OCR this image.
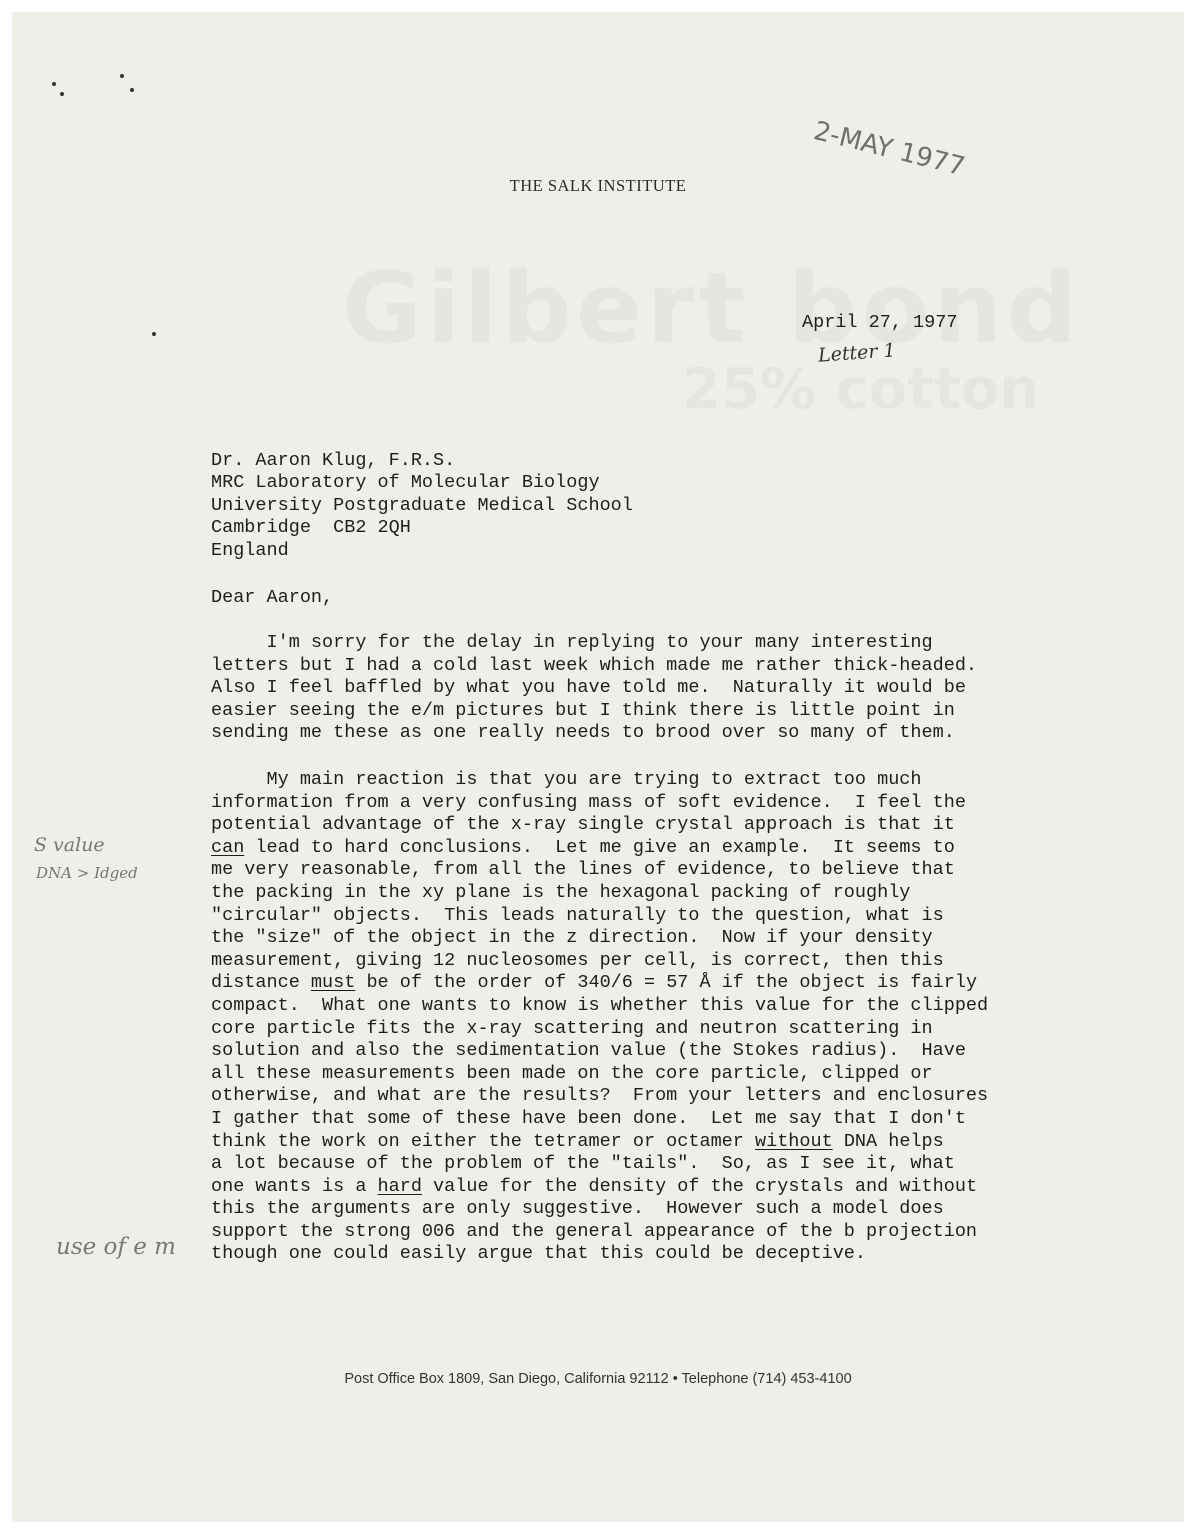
THE SALK INSTITUTE
2-MAY 1977
April 27, 1977
Letter 1
Dr. Aaron Klug, F.R.S.
MRC Laboratory of Molecular Biology
University Postgraduate Medical School
Cambridge  CB2 2QH
England
Dear Aaron,
I'm sorry for the delay in replying to your many interesting
letters but I had a cold last week which made me rather thick-headed.
Also I feel baffled by what you have told me.  Naturally it would be
easier seeing the e/m pictures but I think there is little point in
sending me these as one really needs to brood over so many of them.
My main reaction is that you are trying to extract too much
information from a very confusing mass of soft evidence.  I feel the
potential advantage of the x-ray single crystal approach is that it
can lead to hard conclusions.  Let me give an example.  It seems to
me very reasonable, from all the lines of evidence, to believe that
the packing in the xy plane is the hexagonal packing of roughly
"circular" objects.  This leads naturally to the question, what is
the "size" of the object in the z direction.  Now if your density
measurement, giving 12 nucleosomes per cell, is correct, then this
distance must be of the order of 340/6 = 57 Å if the object is fairly
compact.  What one wants to know is whether this value for the clipped
core particle fits the x-ray scattering and neutron scattering in
solution and also the sedimentation value (the Stokes radius).  Have
all these measurements been made on the core particle, clipped or
otherwise, and what are the results?  From your letters and enclosures
I gather that some of these have been done.  Let me say that I don't
think the work on either the tetramer or octamer without DNA helps
a lot because of the problem of the "tails".  So, as I see it, what
one wants is a hard value for the density of the crystals and without
this the arguments are only suggestive.  However such a model does
support the strong 006 and the general appearance of the b projection
though one could easily argue that this could be deceptive.
S value
DNA > Idged
use of e m
Post Office Box 1809, San Diego, California 92112 • Telephone (714) 453-4100
